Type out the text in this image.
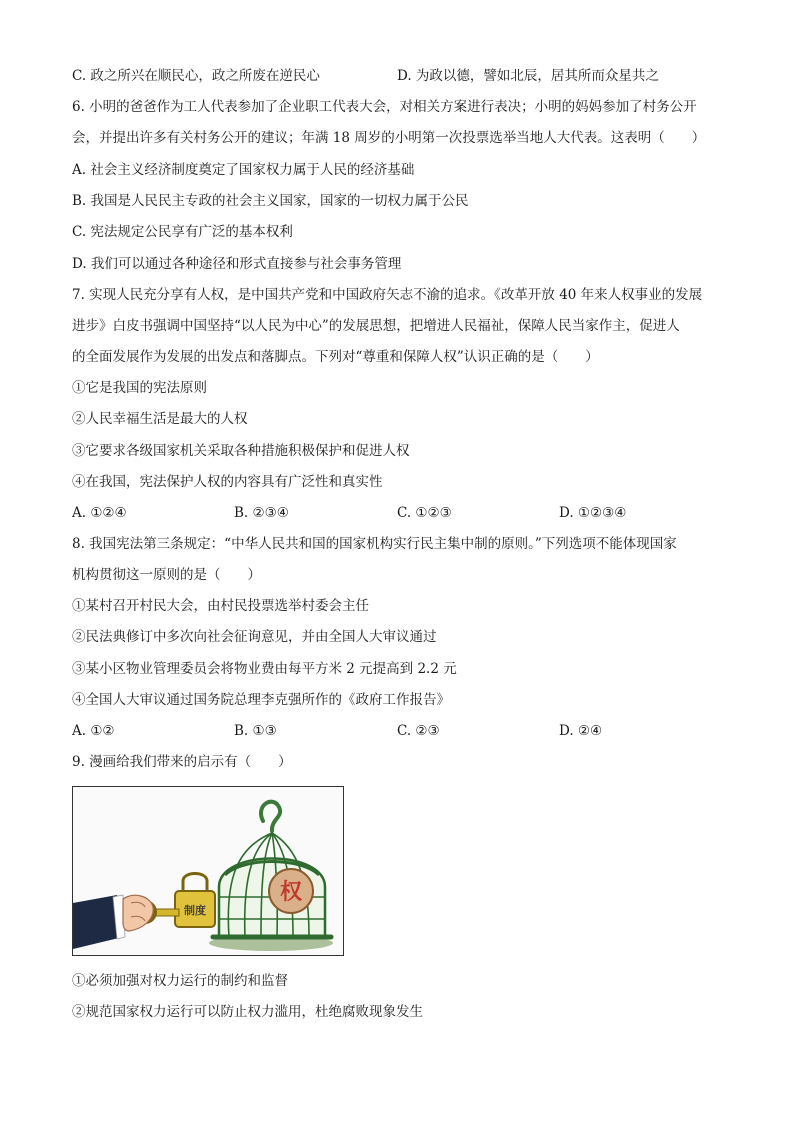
C. 政之所兴在顺民心，政之所废在逆民心	D. 为政以德，譬如北辰，居其所而众星共之
6. 小明的爸爸作为工人代表参加了企业职工代表大会，对相关方案进行表决；小明的妈妈参加了村务公开
会，并提出许多有关村务公开的建议；年满 18 周岁的小明第一次投票选举当地人大代表。这表明（　　）
A. 社会主义经济制度奠定了国家权力属于人民的经济基础
B. 我国是人民民主专政的社会主义国家，国家的一切权力属于公民
C. 宪法规定公民享有广泛的基本权利
D. 我们可以通过各种途径和形式直接参与社会事务管理
7. 实现人民充分享有人权，是中国共产党和中国政府矢志不渝的追求。《改革开放 40 年来人权事业的发展
进步》白皮书强调中国坚持“以人民为中心”的发展思想，把增进人民福祉，保障人民当家作主，促进人
的全面发展作为发展的出发点和落脚点。下列对“尊重和保障人权”认识正确的是（　　）
①它是我国的宪法原则
②人民幸福生活是最大的人权
③它要求各级国家机关采取各种措施积极保护和促进人权
④在我国，宪法保护人权的内容具有广泛性和真实性
A. ①②④	B. ②③④	C. ①②③	D. ①②③④
8. 我国宪法第三条规定：“中华人民共和国的国家机构实行民主集中制的原则。”下列选项不能体现国家
机构贯彻这一原则的是（　　）
①某村召开村民大会，由村民投票选举村委会主任
②民法典修订中多次向社会征询意见，并由全国人大审议通过
③某小区物业管理委员会将物业费由每平方米 2 元提高到 2.2 元
④全国人大审议通过国务院总理李克强所作的《政府工作报告》
A. ①②	B. ①③	C. ②③	D. ②④
9. 漫画给我们带来的启示有（　　）
权
制度
①必须加强对权力运行的制约和监督
②规范国家权力运行可以防止权力滥用，杜绝腐败现象发生
